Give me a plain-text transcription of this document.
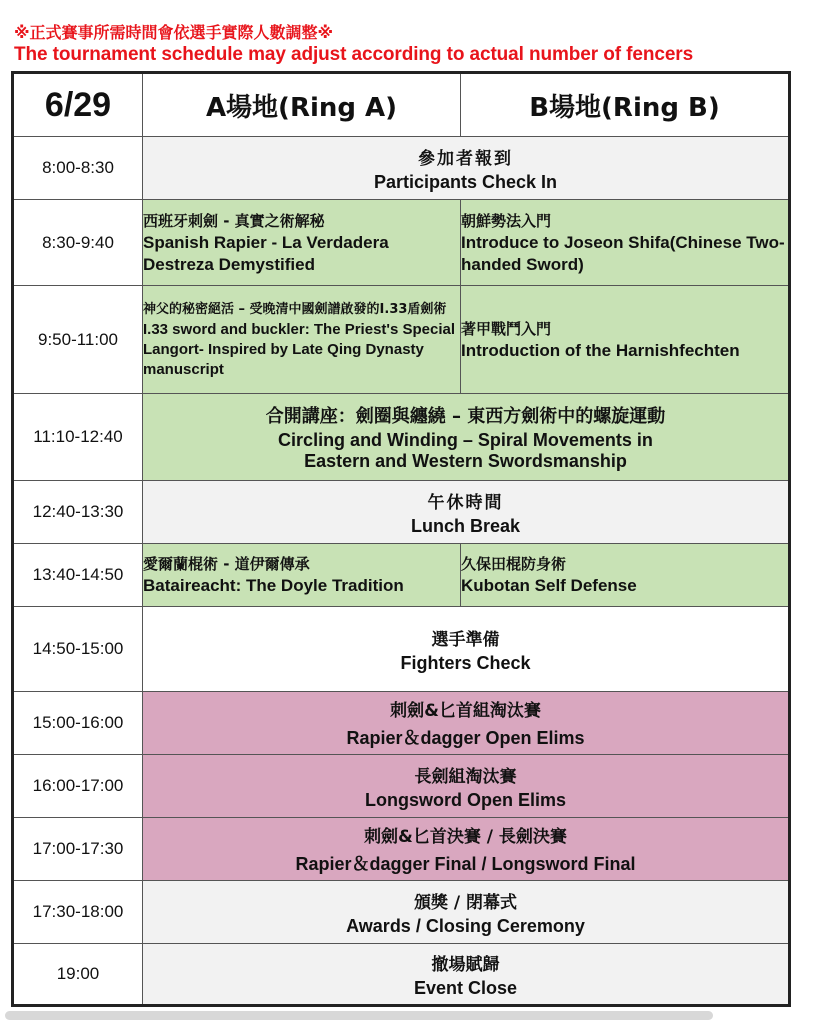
※正式賽事所需時間會依選手實際人數調整※
The tournament schedule may adjust according to actual number of fencers
6/29	A場地(Ring A)	B場地(Ring B)
8:00-8:30	參加者報到
Participants Check In	

8:30-9:40	西班牙刺劍 - 真實之術解秘
Spanish Rapier - La Verdadera Destreza Demystified	朝鮮勢法入門
Introduce to Joseon Shifa(Chinese Two-handed Sword)

9:50-11:00	神父的秘密絕活 – 受晚清中國劍譜啟發的I.33盾劍術
I.33 sword and buckler: The Priest's Special Langort- Inspired by Late Qing Dynasty manuscript	著甲戰鬥入門
Introduction of the Harnishfechten

11:10-12:40	合開講座：劍圈與纏繞 – 東西方劍術中的螺旋運動
Circling and Winding – Spiral Movements in Eastern and Western Swordsmanship	

12:40-13:30	午休時間
Lunch Break	

13:40-14:50	愛爾蘭棍術 - 道伊爾傳承
Bataireacht: The Doyle Tradition	久保田棍防身術
Kubotan Self Defense

14:50-15:00	選手準備
Fighters Check	

15:00-16:00	刺劍&匕首組淘汰賽
Rapier＆dagger Open Elims	

16:00-17:00	長劍組淘汰賽
Longsword Open Elims	

17:00-17:30	刺劍&匕首決賽 / 長劍決賽
Rapier＆dagger Final / Longsword Final	

17:30-18:00	頒獎 / 閉幕式
Awards / Closing Ceremony	

19:00	撤場賦歸
Event Close	
